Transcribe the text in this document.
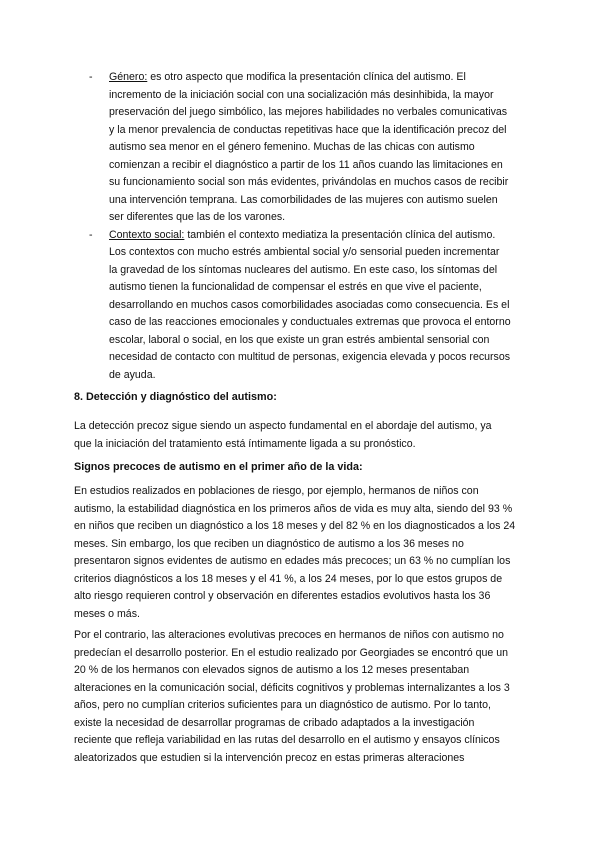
- Género: es otro aspecto que modifica la presentación clínica del autismo. El
incremento de la iniciación social con una socialización más desinhibida, la mayor
preservación del juego simbólico, las mejores habilidades no verbales comunicativas
y la menor prevalencia de conductas repetitivas hace que la identificación precoz del
autismo sea menor en el género femenino. Muchas de las chicas con autismo
comienzan a recibir el diagnóstico a partir de los 11 años cuando las limitaciones en
su funcionamiento social son más evidentes, privándolas en muchos casos de recibir
una intervención temprana. Las comorbilidades de las mujeres con autismo suelen
ser diferentes que las de los varones.
- Contexto social: también el contexto mediatiza la presentación clínica del autismo.
Los contextos con mucho estrés ambiental social y/o sensorial pueden incrementar
la gravedad de los síntomas nucleares del autismo. En este caso, los síntomas del
autismo tienen la funcionalidad de compensar el estrés en que vive el paciente,
desarrollando en muchos casos comorbilidades asociadas como consecuencia. Es el
caso de las reacciones emocionales y conductuales extremas que provoca el entorno
escolar, laboral o social, en los que existe un gran estrés ambiental sensorial con
necesidad de contacto con multitud de personas, exigencia elevada y pocos recursos
de ayuda.

8. Detección y diagnóstico del autismo:

La detección precoz sigue siendo un aspecto fundamental en el abordaje del autismo, ya
que la iniciación del tratamiento está íntimamente ligada a su pronóstico.

Signos precoces de autismo en el primer año de la vida:

En estudios realizados en poblaciones de riesgo, por ejemplo, hermanos de niños con
autismo, la estabilidad diagnóstica en los primeros años de vida es muy alta, siendo del 93 %
en niños que reciben un diagnóstico a los 18 meses y del 82 % en los diagnosticados a los 24
meses. Sin embargo, los que reciben un diagnóstico de autismo a los 36 meses no
presentaron signos evidentes de autismo en edades más precoces; un 63 % no cumplían los
criterios diagnósticos a los 18 meses y el 41 %, a los 24 meses, por lo que estos grupos de
alto riesgo requieren control y observación en diferentes estadios evolutivos hasta los 36
meses o más.

Por el contrario, las alteraciones evolutivas precoces en hermanos de niños con autismo no
predecían el desarrollo posterior. En el estudio realizado por Georgiades se encontró que un
20 % de los hermanos con elevados signos de autismo a los 12 meses presentaban
alteraciones en la comunicación social, déficits cognitivos y problemas internalizantes a los 3
años, pero no cumplían criterios suficientes para un diagnóstico de autismo. Por lo tanto,
existe la necesidad de desarrollar programas de cribado adaptados a la investigación
reciente que refleja variabilidad en las rutas del desarrollo en el autismo y ensayos clínicos
aleatorizados que estudien si la intervención precoz en estas primeras alteraciones
